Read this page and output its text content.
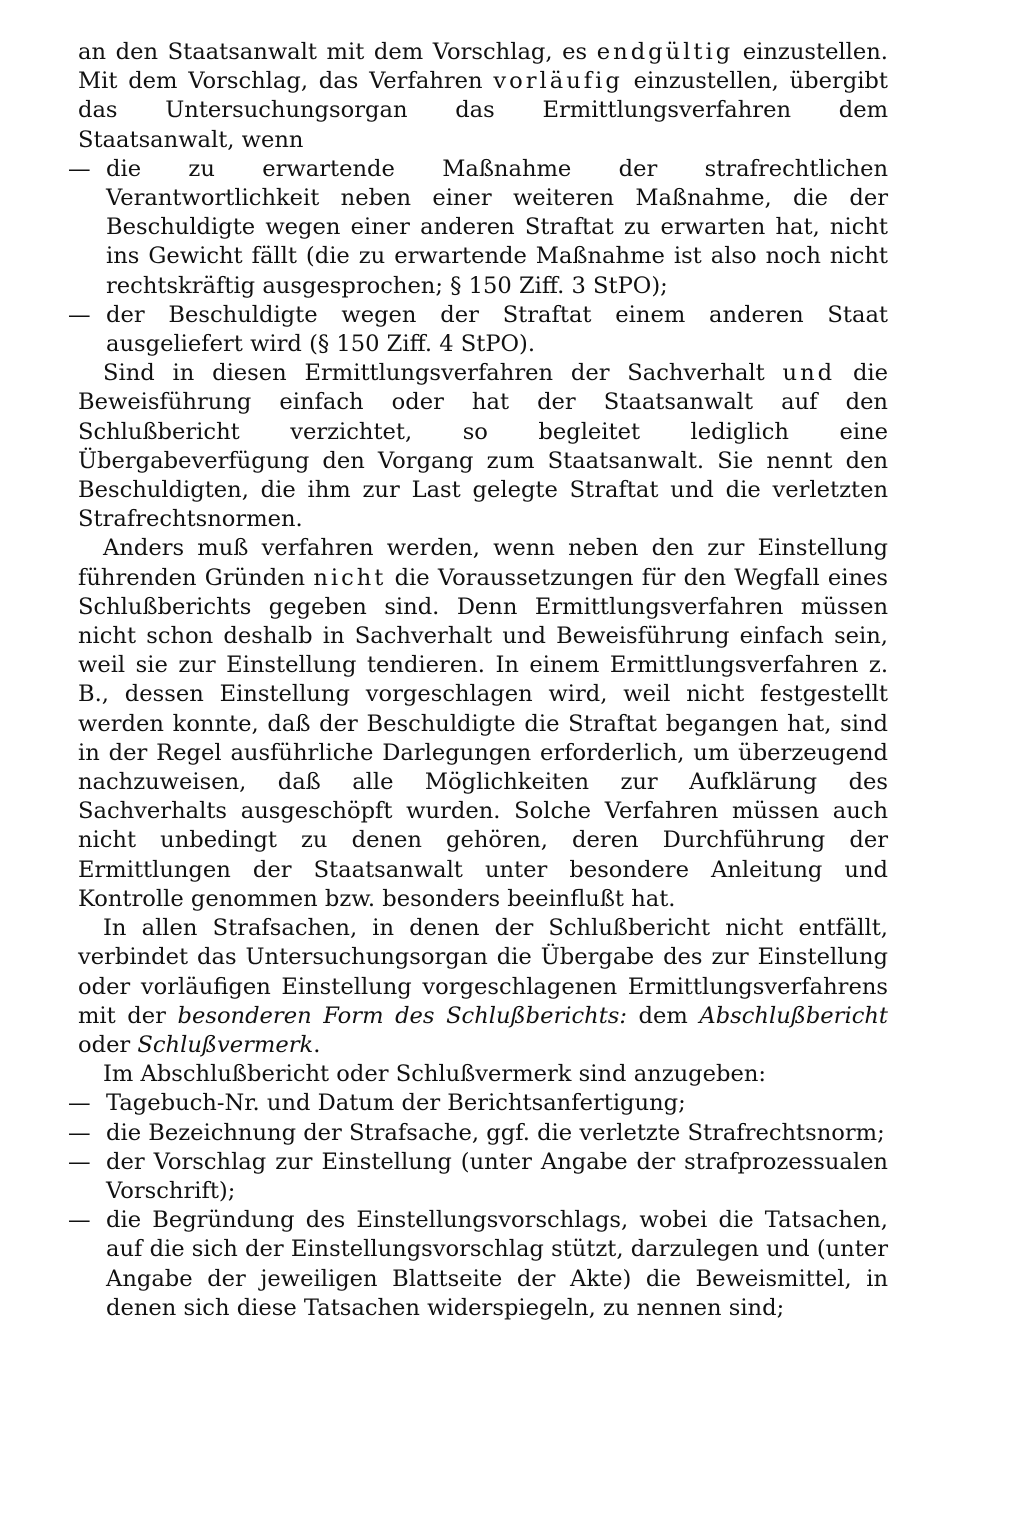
an den Staatsanwalt mit dem Vorschlag, es endgültig einzustellen. Mit dem Vorschlag, das Verfahren vorläufig einzustellen, übergibt das Untersuchungsorgan das Ermittlungsverfahren dem Staatsanwalt, wenn

— die zu erwartende Maßnahme der strafrechtlichen Verantwortlichkeit neben einer weiteren Maßnahme, die der Beschuldigte wegen einer anderen Straftat zu erwarten hat, nicht ins Gewicht fällt (die zu erwartende Maßnahme ist also noch nicht rechtskräftig ausgesprochen; § 150 Ziff. 3 StPO);
— der Beschuldigte wegen der Straftat einem anderen Staat ausgeliefert wird (§ 150 Ziff. 4 StPO).

Sind in diesen Ermittlungsverfahren der Sachverhalt und die Beweisführung einfach oder hat der Staatsanwalt auf den Schlußbericht verzichtet, so begleitet lediglich eine Übergabeverfügung den Vorgang zum Staatsanwalt. Sie nennt den Beschuldigten, die ihm zur Last gelegte Straftat und die verletzten Strafrechtsnormen.

Anders muß verfahren werden, wenn neben den zur Einstellung führenden Gründen nicht die Voraussetzungen für den Wegfall eines Schlußberichts gegeben sind. Denn Ermittlungsverfahren müssen nicht schon deshalb in Sachverhalt und Beweisführung einfach sein, weil sie zur Einstellung tendieren. In einem Ermittlungsverfahren z. B., dessen Einstellung vorgeschlagen wird, weil nicht festgestellt werden konnte, daß der Beschuldigte die Straftat begangen hat, sind in der Regel ausführliche Darlegungen erforderlich, um überzeugend nachzuweisen, daß alle Möglichkeiten zur Aufklärung des Sachverhalts ausgeschöpft wurden. Solche Verfahren müssen auch nicht unbedingt zu denen gehören, deren Durchführung der Ermittlungen der Staatsanwalt unter besondere Anleitung und Kontrolle genommen bzw. besonders beeinflußt hat.

In allen Strafsachen, in denen der Schlußbericht nicht entfällt, verbindet das Untersuchungsorgan die Übergabe des zur Einstellung oder vorläufigen Einstellung vorgeschlagenen Ermittlungsverfahrens mit der besonderen Form des Schlußberichts: dem Abschlußbericht oder Schlußvermerk.

Im Abschlußbericht oder Schlußvermerk sind anzugeben:

— Tagebuch-Nr. und Datum der Berichtsanfertigung;
— die Bezeichnung der Strafsache, ggf. die verletzte Strafrechtsnorm;
— der Vorschlag zur Einstellung (unter Angabe der strafprozessualen Vorschrift);
— die Begründung des Einstellungsvorschlags, wobei die Tatsachen, auf die sich der Einstellungsvorschlag stützt, darzulegen und (unter Angabe der jeweiligen Blattseite der Akte) die Beweismittel, in denen sich diese Tatsachen widerspiegeln, zu nennen sind;
